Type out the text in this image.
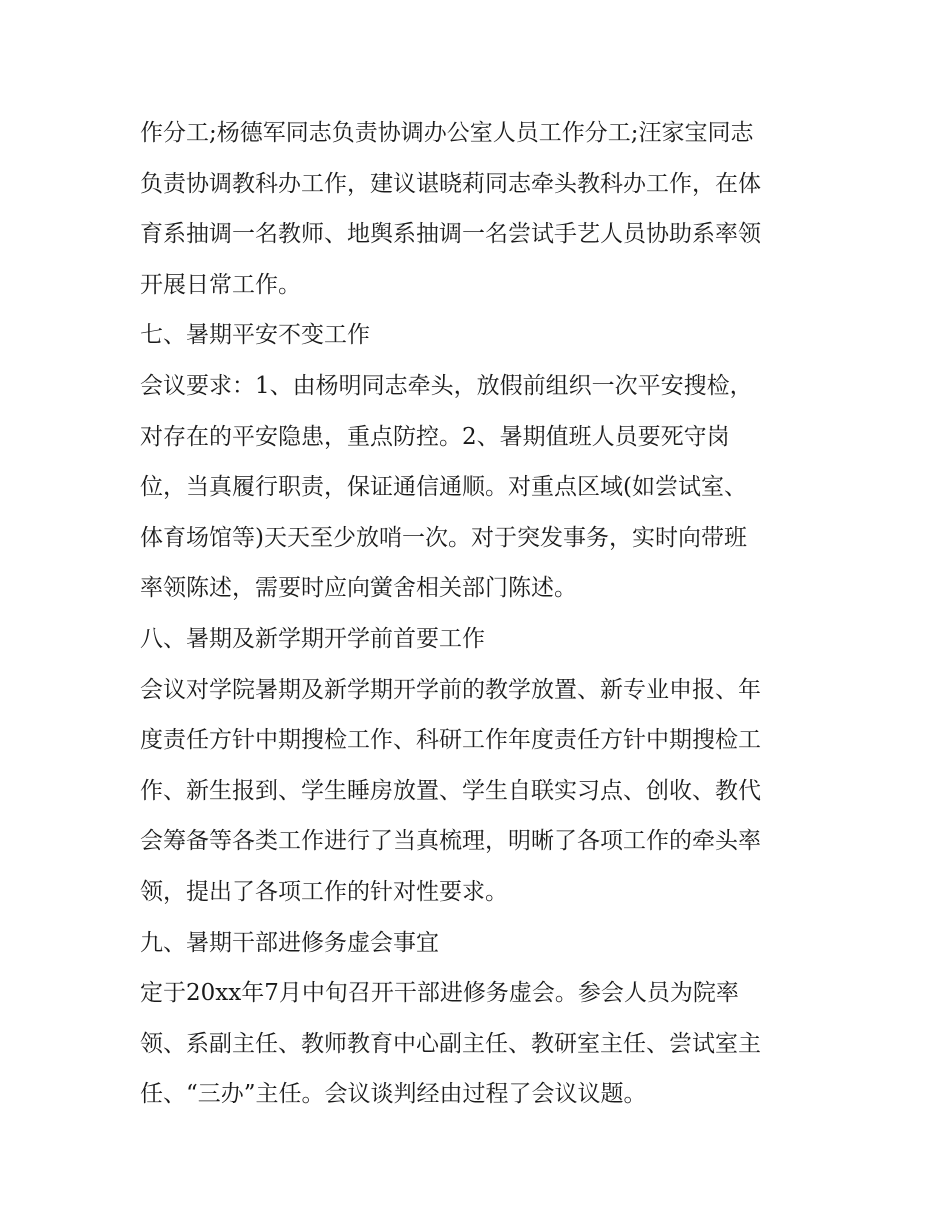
作分工;杨德军同志负责协调办公室人员工作分工;汪家宝同志
负责协调教科办工作，建议谌晓莉同志牵头教科办工作，在体
育系抽调一名教师、地舆系抽调一名尝试手艺人员协助系率领
开展日常工作。
七、暑期平安不变工作
会议要求：1、由杨明同志牵头，放假前组织一次平安搜检，
对存在的平安隐患，重点防控。2、暑期值班人员要死守岗
位，当真履行职责，保证通信通顺。对重点区域(如尝试室、
体育场馆等)天天至少放哨一次。对于突发事务，实时向带班
率领陈述，需要时应向黉舍相关部门陈述。
八、暑期及新学期开学前首要工作
会议对学院暑期及新学期开学前的教学放置、新专业申报、年
度责任方针中期搜检工作、科研工作年度责任方针中期搜检工
作、新生报到、学生睡房放置、学生自联实习点、创收、教代
会筹备等各类工作进行了当真梳理，明晰了各项工作的牵头率
领，提出了各项工作的针对性要求。
九、暑期干部进修务虚会事宜
定于20xx年7月中旬召开干部进修务虚会。参会人员为院率
领、系副主任、教师教育中心副主任、教研室主任、尝试室主
任、“三办”主任。会议谈判经由过程了会议议题。
